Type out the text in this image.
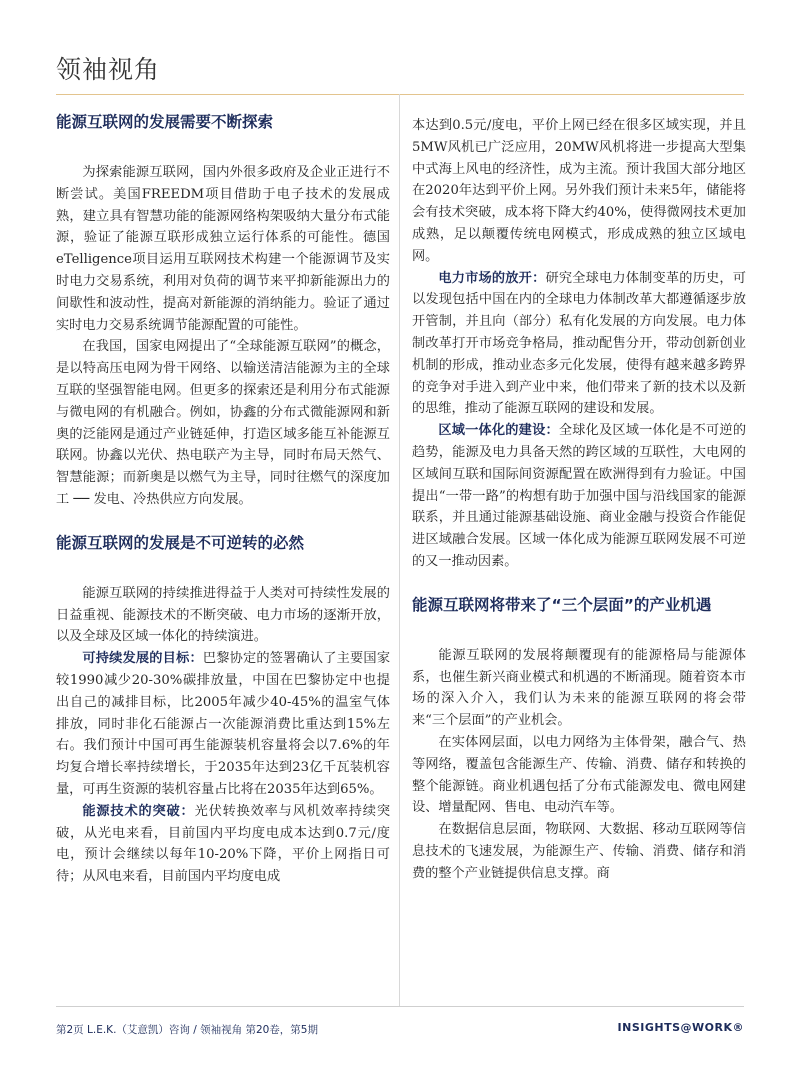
领袖视角
能源互联网的发展需要不断探索

为探索能源互联网，国内外很多政府及企业正进行不断尝试。美国FREEDM项目借助于电子技术的发展成熟，建立具有智慧功能的能源网络构架吸纳大量分布式能源，验证了能源互联形成独立运行体系的可能性。德国eTelligence项目运用互联网技术构建一个能源调节及实时电力交易系统，利用对负荷的调节来平抑新能源出力的间歇性和波动性，提高对新能源的消纳能力。验证了通过实时电力交易系统调节能源配置的可能性。

在我国，国家电网提出了“全球能源互联网”的概念，是以特高压电网为骨干网络、以输送清洁能源为主的全球互联的坚强智能电网。但更多的探索还是利用分布式能源与微电网的有机融合。例如，协鑫的分布式微能源网和新奥的泛能网是通过产业链延伸，打造区域多能互补能源互联网。协鑫以光伏、热电联产为主导，同时布局天然气、智慧能源；而新奥是以燃气为主导，同时往燃气的深度加工 ── 发电、冷热供应方向发展。

能源互联网的发展是不可逆转的必然

能源互联网的持续推进得益于人类对可持续性发展的日益重视、能源技术的不断突破、电力市场的逐渐开放，以及全球及区域一体化的持续演进。

可持续发展的目标：巴黎协定的签署确认了主要国家较1990减少20-30%碳排放量，中国在巴黎协定中也提出自己的减排目标，比2005年减少40-45%的温室气体排放，同时非化石能源占一次能源消费比重达到15%左右。我们预计中国可再生能源装机容量将会以7.6%的年均复合增长率持续增长，于2035年达到23亿千瓦装机容量，可再生资源的装机容量占比将在2035年达到65%。

能源技术的突破：光伏转换效率与风机效率持续突破，从光电来看，目前国内平均度电成本达到0.7元/度电，预计会继续以每年10-20%下降，平价上网指日可待；从风电来看，目前国内平均度电成

本达到0.5元/度电，平价上网已经在很多区域实现，并且5MW风机已广泛应用，20MW风机将进一步提高大型集中式海上风电的经济性，成为主流。预计我国大部分地区在2020年达到平价上网。另外我们预计未来5年，储能将会有技术突破，成本将下降大约40%，使得微网技术更加成熟，足以颠覆传统电网模式，形成成熟的独立区域电网。

电力市场的放开：研究全球电力体制变革的历史，可以发现包括中国在内的全球电力体制改革大都遵循逐步放开管制，并且向（部分）私有化发展的方向发展。电力体制改革打开市场竞争格局，推动配售分开，带动创新创业机制的形成，推动业态多元化发展，使得有越来越多跨界的竞争对手进入到产业中来，他们带来了新的技术以及新的思维，推动了能源互联网的建设和发展。

区域一体化的建设：全球化及区域一体化是不可逆的趋势，能源及电力具备天然的跨区域的互联性，大电网的区域间互联和国际间资源配置在欧洲得到有力验证。中国提出“一带一路”的构想有助于加强中国与沿线国家的能源联系，并且通过能源基础设施、商业金融与投资合作能促进区域融合发展。区域一体化成为能源互联网发展不可逆的又一推动因素。

能源互联网将带来了“三个层面”的产业机遇

能源互联网的发展将颠覆现有的能源格局与能源体系，也催生新兴商业模式和机遇的不断涌现。随着资本市场的深入介入，我们认为未来的能源互联网的将会带来“三个层面”的产业机会。

在实体网层面，以电力网络为主体骨架，融合气、热等网络，覆盖包含能源生产、传输、消费、储存和转换的整个能源链。商业机遇包括了分布式能源发电、微电网建设、增量配网、售电、电动汽车等。

在数据信息层面，物联网、大数据、移动互联网等信息技术的飞速发展，为能源生产、传输、消费、储存和消费的整个产业链提供信息支撑。商

第2页 L.E.K.（艾意凯）咨询 / 领袖视角 第20卷，第5期	INSIGHTS@WORK®
